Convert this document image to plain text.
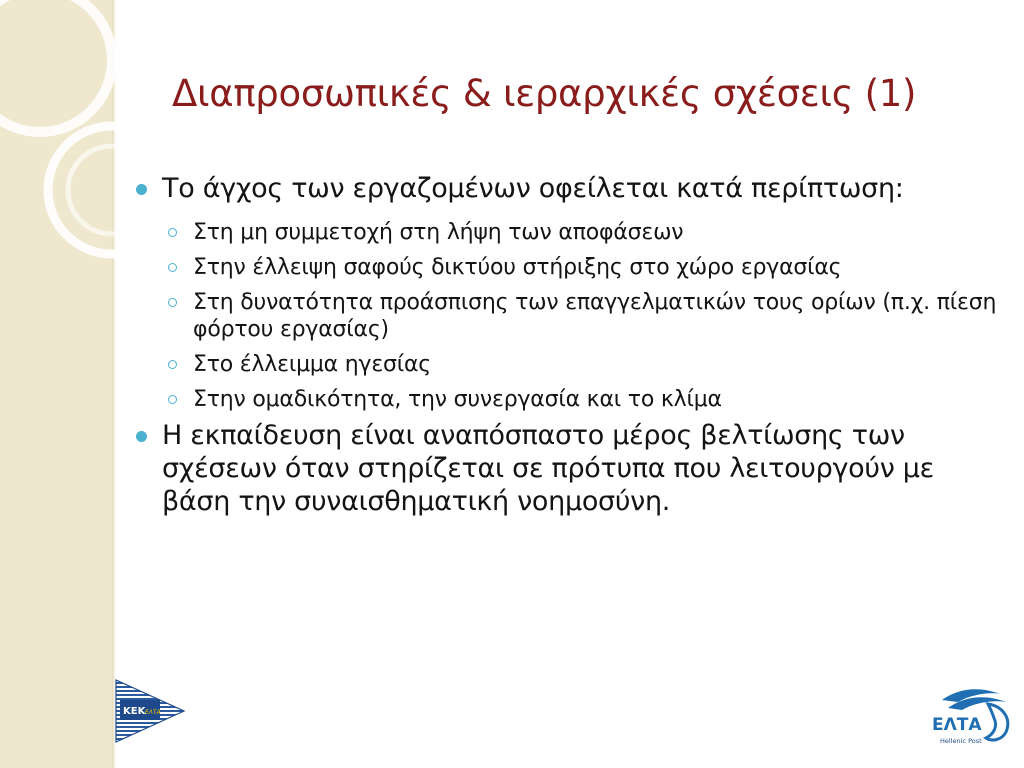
Διαπροσωπικές & ιεραρχικές σχέσεις (1)
Το άγχος των εργαζομένων οφείλεται κατά περίπτωση:
Στη μη συμμετοχή στη λήψη των αποφάσεων
Στην έλλειψη σαφούς δικτύου στήριξης στο χώρο εργασίας
Στη δυνατότητα προάσπισης των επαγγελματικών τους ορίων (π.χ. πίεση φόρτου εργασίας)
Στο έλλειμμα ηγεσίας
Στην ομαδικότητα, την συνεργασία και το κλίμα
Η εκπαίδευση είναι αναπόσπαστο μέρος βελτίωσης των σχέσεων όταν στηρίζεται σε πρότυπα που λειτουργούν με βάση την συναισθηματική νοημοσύνη.
ΚΕΚ ΕΛΤΑ
ΕΛΤΑ
Hellenic Post
